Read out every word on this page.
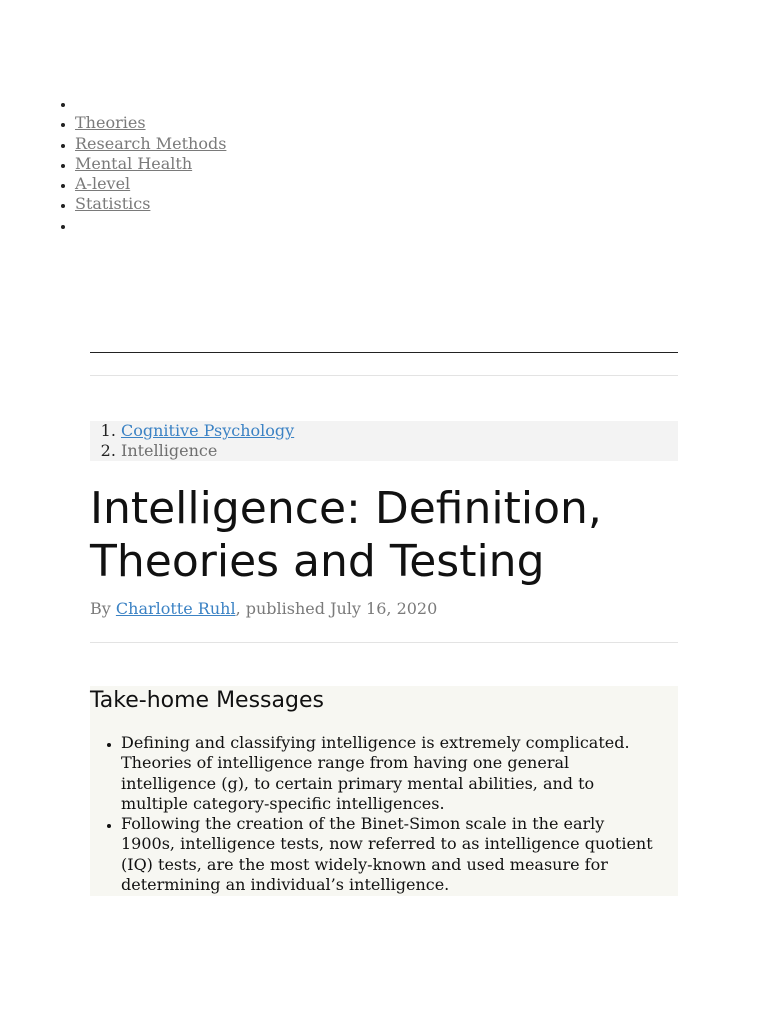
•
• Theories
• Research Methods
• Mental Health
• A-level
• Statistics
•
1. Cognitive Psychology
2. Intelligence
Intelligence: Definition, Theories and Testing
By Charlotte Ruhl, published July 16, 2020
Take-home Messages
• Defining and classifying intelligence is extremely complicated. Theories of intelligence range from having one general intelligence (g), to certain primary mental abilities, and to multiple category-specific intelligences.
• Following the creation of the Binet-Simon scale in the early 1900s, intelligence tests, now referred to as intelligence quotient (IQ) tests, are the most widely-known and used measure for determining an individual’s intelligence.
